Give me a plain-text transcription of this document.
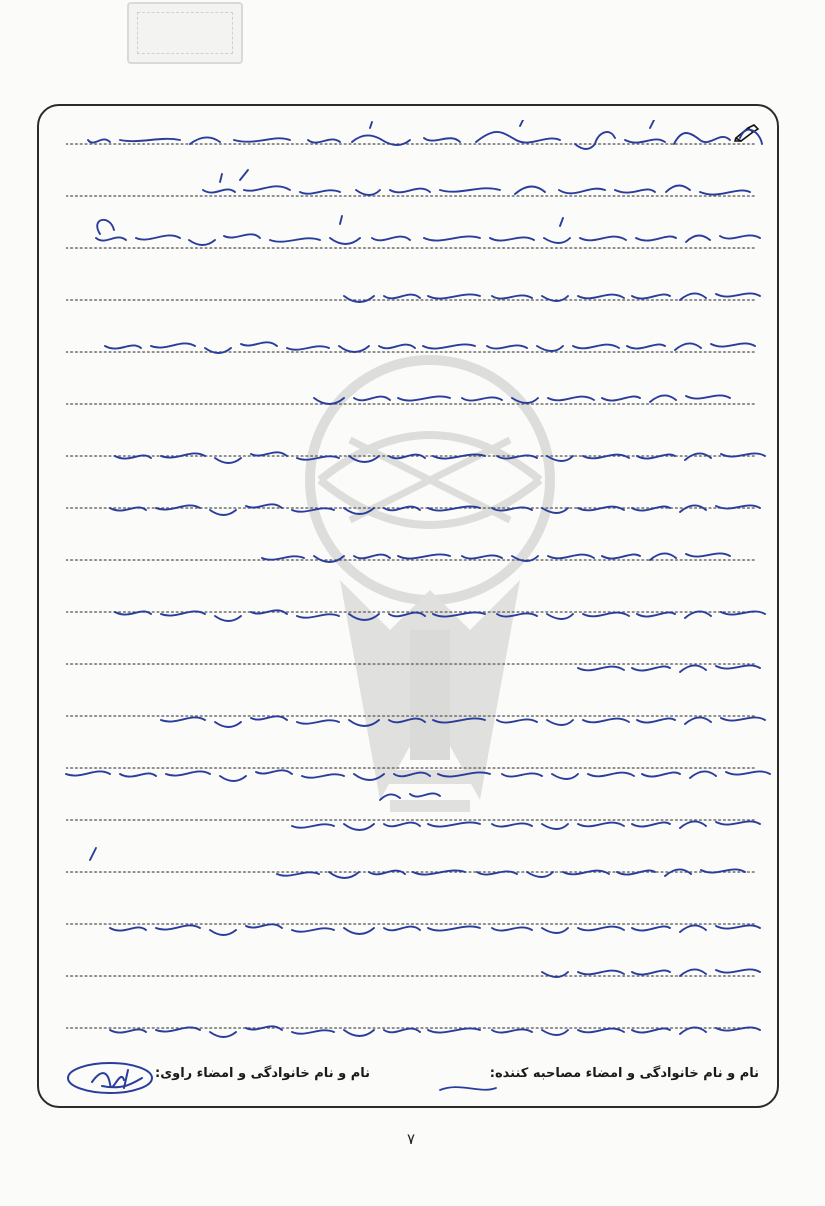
نام و نام خانوادگی و امضاء مصاحبه کننده:
نام و نام خانوادگی و امضاء راوی:
۷
